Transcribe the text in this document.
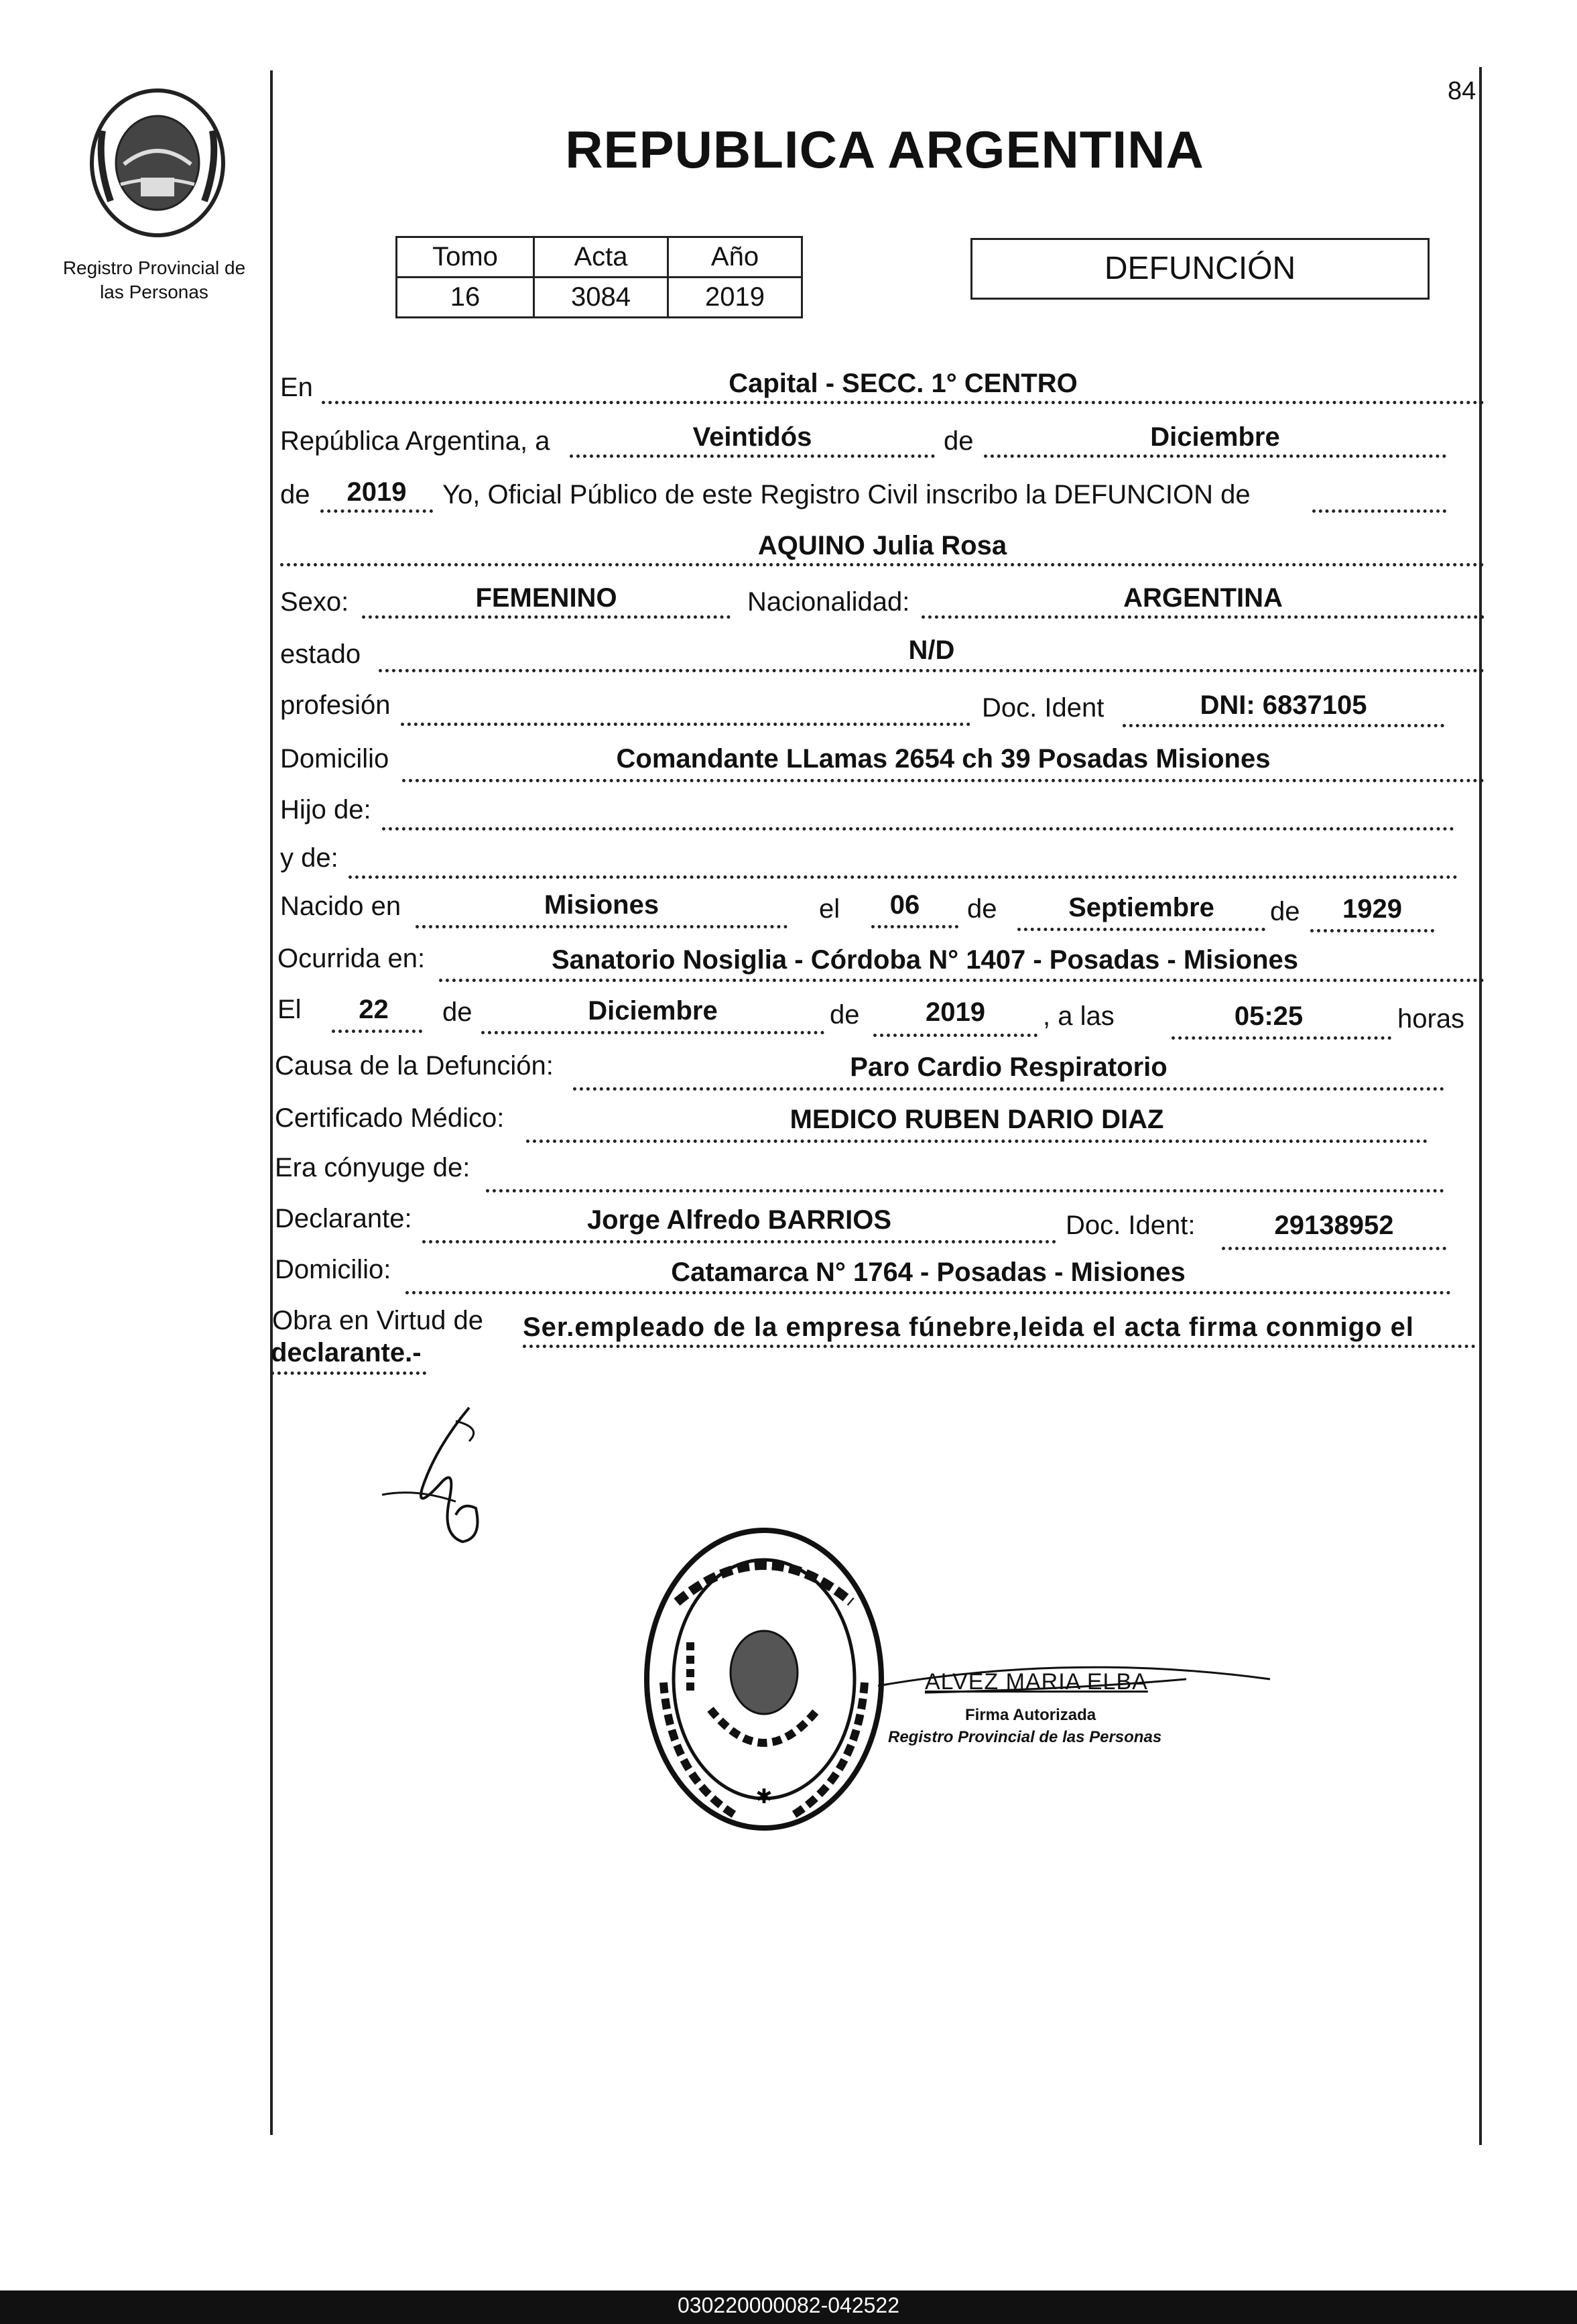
Registro Provincial de
las Personas
84
REPUBLICA ARGENTINA
Tomo	Acta	Año
16	3084	2019
DEFUNCIÓN
En	Capital - SECC. 1° CENTRO
República Argentina, a	Veintidós	de	Diciembre
de	2019	Yo, Oficial Público de este Registro Civil inscribo la DEFUNCION de
AQUINO Julia Rosa
Sexo:	FEMENINO	Nacionalidad:	ARGENTINA
estado	N/D
profesión	Doc. Ident	DNI: 6837105
Domicilio	Comandante LLamas 2654 ch 39 Posadas Misiones
Hijo de:
y de:
Nacido en	Misiones	el	06	de	Septiembre	de	1929
Ocurrida en:	Sanatorio Nosiglia - Córdoba N° 1407 - Posadas - Misiones
El	22	de	Diciembre	de	2019	, a las	05:25	horas
Causa de la Defunción:	Paro Cardio Respiratorio
Certificado Médico:	MEDICO RUBEN DARIO DIAZ
Era cónyuge de:
Declarante:	Jorge Alfredo BARRIOS	Doc. Ident:	29138952
Domicilio:	Catamarca N° 1764 - Posadas - Misiones
Obra en Virtud de Ser.empleado de la empresa fúnebre,leida el acta firma conmigo el
declarante.-
✱
ALVEZ MARIA ELBA
Firma Autorizada
Registro Provincial de las Personas
030220000082-042522
